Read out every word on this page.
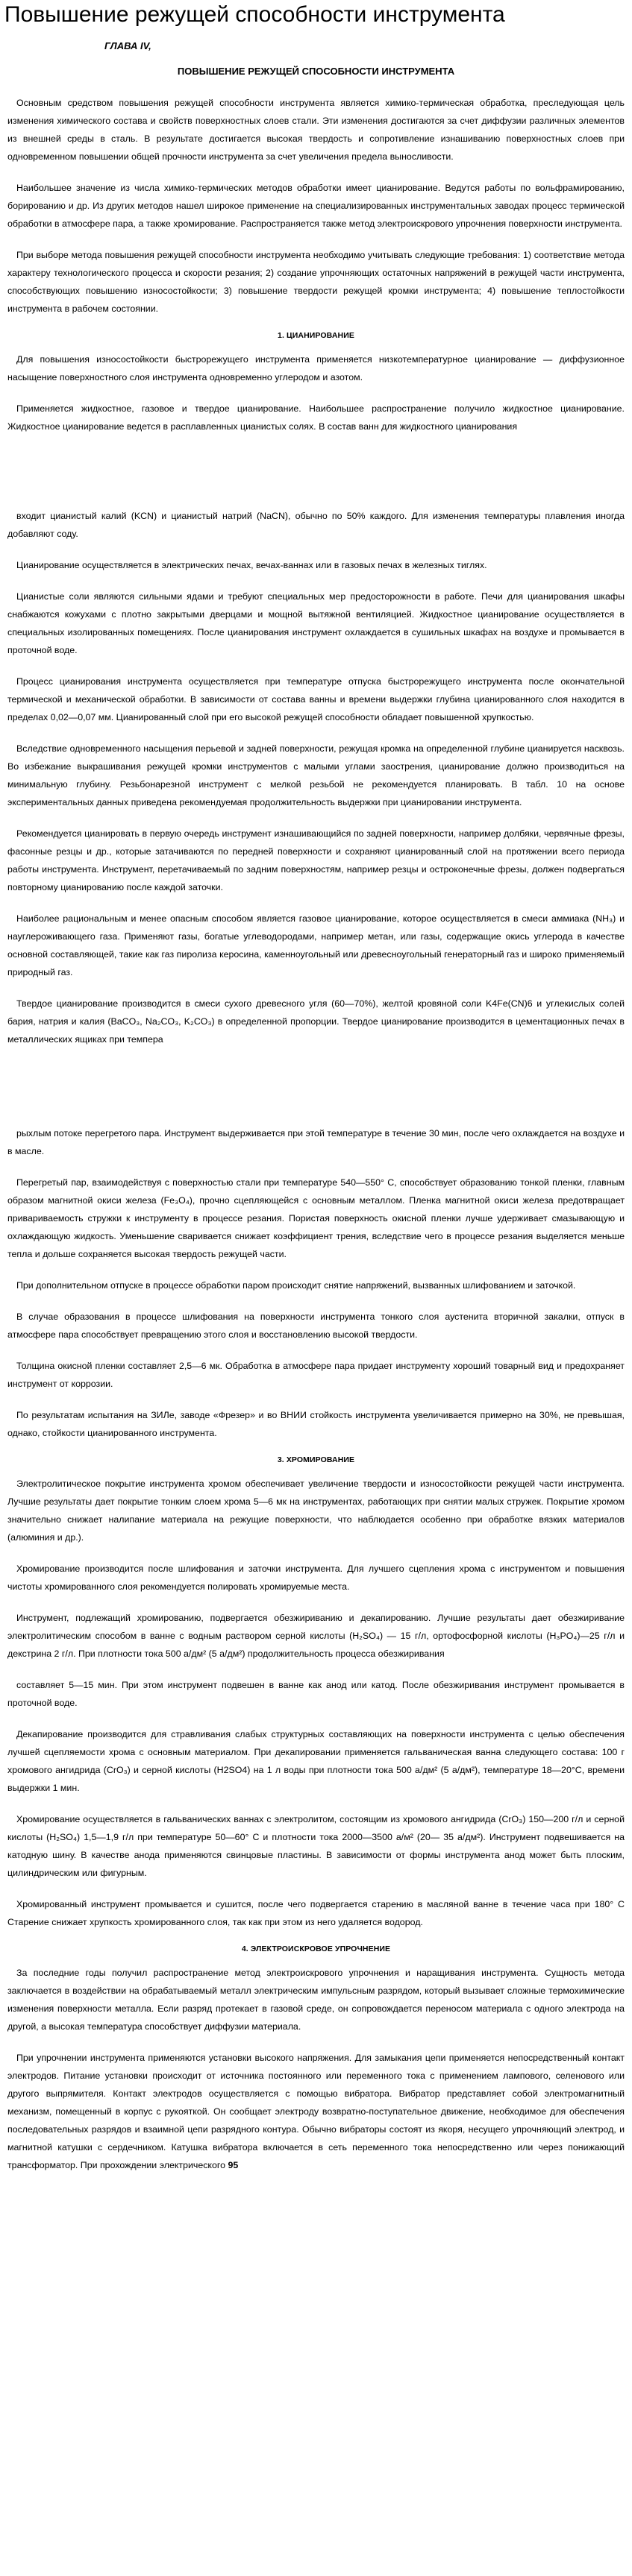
Повышение режущей способности инструмента
ГЛАВА IV,
ПОВЫШЕНИЕ РЕЖУЩЕЙ СПОСОБНОСТИ ИНСТРУМЕНТА

Основным средством повышения режущей способности инструмента является химико-термическая обработка, преследующая цель изменения химического состава и свойств поверхностных слоев стали. Эти изменения достигаются за счет диффузии различных элементов из внешней среды в сталь. В результате достигается высокая твердость и сопротивление изнашиванию поверхностных слоев при одновременном повышении общей прочности инструмента за счет увеличения предела выносливости.

Наибольшее значение из числа химико-термических методов обработки имеет цианирование. Ведутся работы по вольфрамированию, борированию и др. Из других методов нашел широкое применение на специализированных инструментальных заводах процесс термической обработки в атмосфере пара, а также хромирование. Распространяется также метод электроискрового упрочнения поверхности инструмента.

При выборе метода повышения режущей способности инструмента необходимо учитывать следующие требования: 1) соответствие метода характеру технологического процесса и скорости резания; 2) создание упрочняющих остаточных напряжений в режущей части инструмента, способствующих повышению износостойкости; 3) повышение твердости режущей кромки инструмента; 4) повышение теплостойкости инструмента в рабочем состоянии.

1. ЦИАНИРОВАНИЕ

Для повышения износостойкости быстрорежущего инструмента применяется низкотемпературное цианирование — диффузионное насыщение поверхностного слоя инструмента одновременно углеродом и азотом.

Применяется жидкостное, газовое и твердое цианирование. Наибольшее распространение получило жидкостное цианирование. Жидкостное цианирование ведется в расплавленных цианистых солях. В состав ванн для жидкостного цианирования

входит цианистый калий (KCN) и цианистый натрий (NaCN), обычно по 50% каждого. Для изменения температуры плавления иногда добавляют соду.

Цианирование осуществляется в электрических печах, вечах-ваннах или в газовых печах в железных тиглях.

Цианистые соли являются сильными ядами и требуют специальных мер предосторожности в работе. Печи для цианирования шкафы снабжаются кожухами с плотно закрытыми дверцами и мощной вытяжной вентиляцией. Жидкостное цианирование осуществляется в специальных изолированных помещениях. После цианирования инструмент охлаждается в сушильных шкафах на воздухе и промывается в проточной воде.

Процесс цианирования инструмента осуществляется при температуре отпуска быстрорежущего инструмента после окончательной термической и механической обработки. В зависимости от состава ванны и времени выдержки глубина цианированного слоя находится в пределах 0,02—0,07 мм. Цианированный слой при его высокой режущей способности обладает повышенной хрупкостью.

Вследствие одновременного насыщения перьевой и задней поверхности, режущая кромка на определенной глубине цианируется насквозь. Во избежание выкрашивания режущей кромки инструментов с малыми углами заострения, цианирование должно производиться на минимальную глубину. Резьбонарезной инструмент с мелкой резьбой не рекомендуется планировать. В табл. 10 на основе экспериментальных данных приведена рекомендуемая продолжительность выдержки при цианировании инструмента.

Рекомендуется цианировать в первую очередь инструмент изнашивающийся по задней поверхности, например долбяки, червячные фрезы, фасонные резцы и др., которые затачиваются по передней поверхности и сохраняют цианированный слой на протяжении всего периода работы инструмента. Инструмент, перетачиваемый по задним поверхностям, например резцы и остроконечные фрезы, должен подвергаться повторному цианированию после каждой заточки.

Наиболее рациональным и менее опасным способом является газовое цианирование, которое осуществляется в смеси аммиака (NH₃) и науглероживающего газа. Применяют газы, богатые углеводородами, например метан, или газы, содержащие окись углерода в качестве основной составляющей, такие как газ пиролиза керосина, каменноугольный или древесноугольный генераторный газ и широко применяемый природный газ.

Твердое цианирование производится в смеси сухого древесного угля (60—70%), желтой кровяной соли K4Fe(CN)6 и углекислых солей бария, натрия и калия (BaCO₃, Na₂CO₃, K₂CO₃) в определенной пропорции. Твердое цианирование производится в цементационных печах в металлических ящиках при темпера

рыхлым потоке перегретого пара. Инструмент выдерживается при этой температуре в течение 30 мин, после чего охлаждается на воздухе и в масле.

Перегретый пар, взаимодействуя с поверхностью стали при температуре 540—550° С, способствует образованию тонкой пленки, главным образом магнитной окиси железа (Fe₃O₄), прочно сцепляющейся с основным металлом. Пленка магнитной окиси железа предотвращает привариваемость стружки к инструменту в процессе резания. Пористая поверхность окисной пленки лучше удерживает смазывающую и охлаждающую жидкость. Уменьшение сваривается снижает коэффициент трения, вследствие чего в процессе резания выделяется меньше тепла и дольше сохраняется высокая твердость режущей части.

При дополнительном отпуске в процессе обработки паром происходит снятие напряжений, вызванных шлифованием и заточкой.

В случае образования в процессе шлифования на поверхности инструмента тонкого слоя аустенита вторичной закалки, отпуск в атмосфере пара способствует превращению этого слоя и восстановлению высокой твердости.

Толщина окисной пленки составляет 2,5—6 мк. Обработка в атмосфере пара придает инструменту хороший товарный вид и предохраняет инструмент от коррозии.

По результатам испытания на ЗИЛе, заводе «Фрезер» и во ВНИИ стойкость инструмента увеличивается примерно на 30%, не превышая, однако, стойкости цианированного инструмента.

3. ХРОМИРОВАНИЕ

Электролитическое покрытие инструмента хромом обеспечивает увеличение твердости и износостойкости режущей части инструмента. Лучшие результаты дает покрытие тонким слоем хрома 5—6 мк на инструментах, работающих при снятии малых стружек. Покрытие хромом значительно снижает налипание материала на режущие поверхности, что наблюдается особенно при обработке вязких материалов (алюминия и др.).

Хромирование производится после шлифования и заточки инструмента. Для лучшего сцепления хрома с инструментом и повышения чистоты хромированного слоя рекомендуется полировать хромируемые места.

Инструмент, подлежащий хромированию, подвергается обезжириванию и декапированию. Лучшие результаты дает обезжиривание электролитическим способом в ванне с водным раствором серной кислоты (H₂SO₄) — 15 г/л, ортофосфорной кислоты (H₃PO₄)—25 г/л и декстрина 2 г/л. При плотности тока 500 а/дм² (5 а/дм²) продолжительность процесса обезжиривания

составляет 5—15 мин. При этом инструмент подвешен в ванне как анод или катод. После обезжиривания инструмент промывается в проточной воде.

Декапирование производится для стравливания слабых структурных составляющих на поверхности инструмента с целью обеспечения лучшей сцепляемости хрома с основным материалом. При декапировании применяется гальваническая ванна следующего состава: 100 г хромового ангидрида (CrO₃) и серной кислоты (H2SO4) на 1 л воды при плотности тока 500 а/дм² (5 а/дм²), температуре 18—20°С, времени выдержки 1 мин.

Хромирование осуществляется в гальванических ваннах с электролитом, состоящим из хромового ангидрида (CrO₃) 150—200 г/л и серной кислоты (H₂SO₄) 1,5—1,9 г/л при температуре 50—60° С и плотности тока 2000—3500 а/м² (20— 35 а/дм²). Инструмент подвешивается на катодную шину. В качестве анода применяются свинцовые пластины. В зависимости от формы инструмента анод может быть плоским, цилиндрическим или фигурным.

Хромированный инструмент промывается и сушится, после чего подвергается старению в масляной ванне в течение часа при 180° С Старение снижает хрупкость хромированного слоя, так как при этом из него удаляется водород.

4. ЭЛЕКТРОИСКРОВОЕ УПРОЧНЕНИЕ

За последние годы получил распространение метод электроискрового упрочнения и наращивания инструмента. Сущность метода заключается в воздействии на обрабатываемый металл электрическим импульсным разрядом, который вызывает сложные термохимические изменения поверхности металла. Если разряд протекает в газовой среде, он сопровождается переносом материала с одного электрода на другой, а высокая температура способствует диффузии материала.

При упрочнении инструмента применяются установки высокого напряжения. Для замыкания цепи применяется непосредственный контакт электродов. Питание установки происходит от источника постоянного или переменного тока с применением лампового, селенового или другого выпрямителя. Контакт электродов осуществляется с помощью вибратора. Вибратор представляет собой электромагнитный механизм, помещенный в корпус с рукояткой. Он сообщает электроду возвратно-поступательное движение, необходимое для обеспечения последовательных разрядов и взаимной цепи разрядного контура. Обычно вибраторы состоят из якоря, несущего упрочняющий электрод, и магнитной катушки с сердечником. Катушка вибратора включается в сеть переменного тока непосредственно или через понижающий трансформатор. При прохождении электрического 95
